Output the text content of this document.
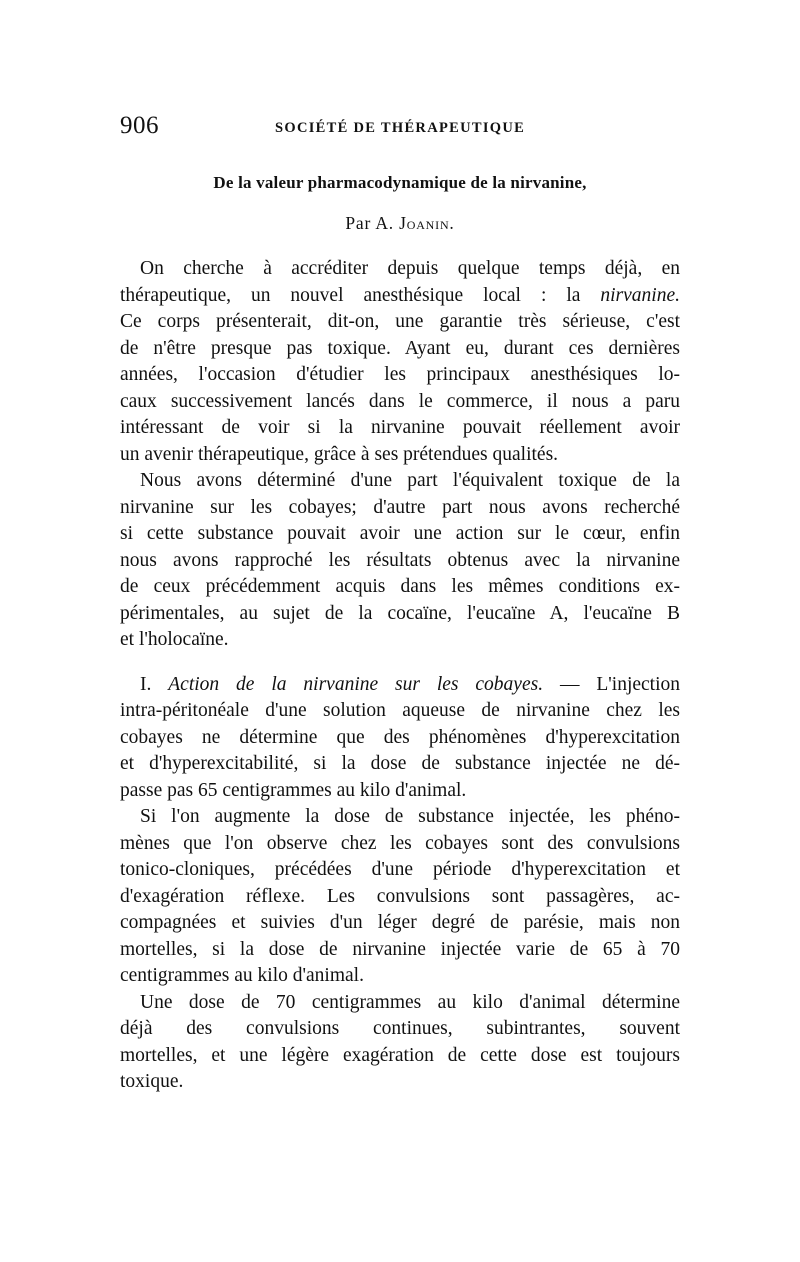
906	SOCIÉTÉ DE THÉRAPEUTIQUE
De la valeur pharmacodynamique de la nirvanine,
Par A. Joanin.
On cherche à accréditer depuis quelque temps déjà, en
thérapeutique, un nouvel anesthésique local : la nirvanine.
Ce corps présenterait, dit-on, une garantie très sérieuse, c'est
de n'être presque pas toxique. Ayant eu, durant ces dernières
années, l'occasion d'étudier les principaux anesthésiques lo-
caux successivement lancés dans le commerce, il nous a paru
intéressant de voir si la nirvanine pouvait réellement avoir
un avenir thérapeutique, grâce à ses prétendues qualités.
Nous avons déterminé d'une part l'équivalent toxique de la
nirvanine sur les cobayes; d'autre part nous avons recherché
si cette substance pouvait avoir une action sur le cœur, enfin
nous avons rapproché les résultats obtenus avec la nirvanine
de ceux précédemment acquis dans les mêmes conditions ex-
périmentales, au sujet de la cocaïne, l'eucaïne A, l'eucaïne B
et l'holocaïne.
I. Action de la nirvanine sur les cobayes. — L'injection
intra-péritonéale d'une solution aqueuse de nirvanine chez les
cobayes ne détermine que des phénomènes d'hyperexcitation
et d'hyperexcitabilité, si la dose de substance injectée ne dé-
passe pas 65 centigrammes au kilo d'animal.
Si l'on augmente la dose de substance injectée, les phéno-
mènes que l'on observe chez les cobayes sont des convulsions
tonico-cloniques, précédées d'une période d'hyperexcitation et
d'exagération réflexe. Les convulsions sont passagères, ac-
compagnées et suivies d'un léger degré de parésie, mais non
mortelles, si la dose de nirvanine injectée varie de 65 à 70
centigrammes au kilo d'animal.
Une dose de 70 centigrammes au kilo d'animal détermine
déjà des convulsions continues, subintrantes, souvent
mortelles, et une légère exagération de cette dose est toujours
toxique.
